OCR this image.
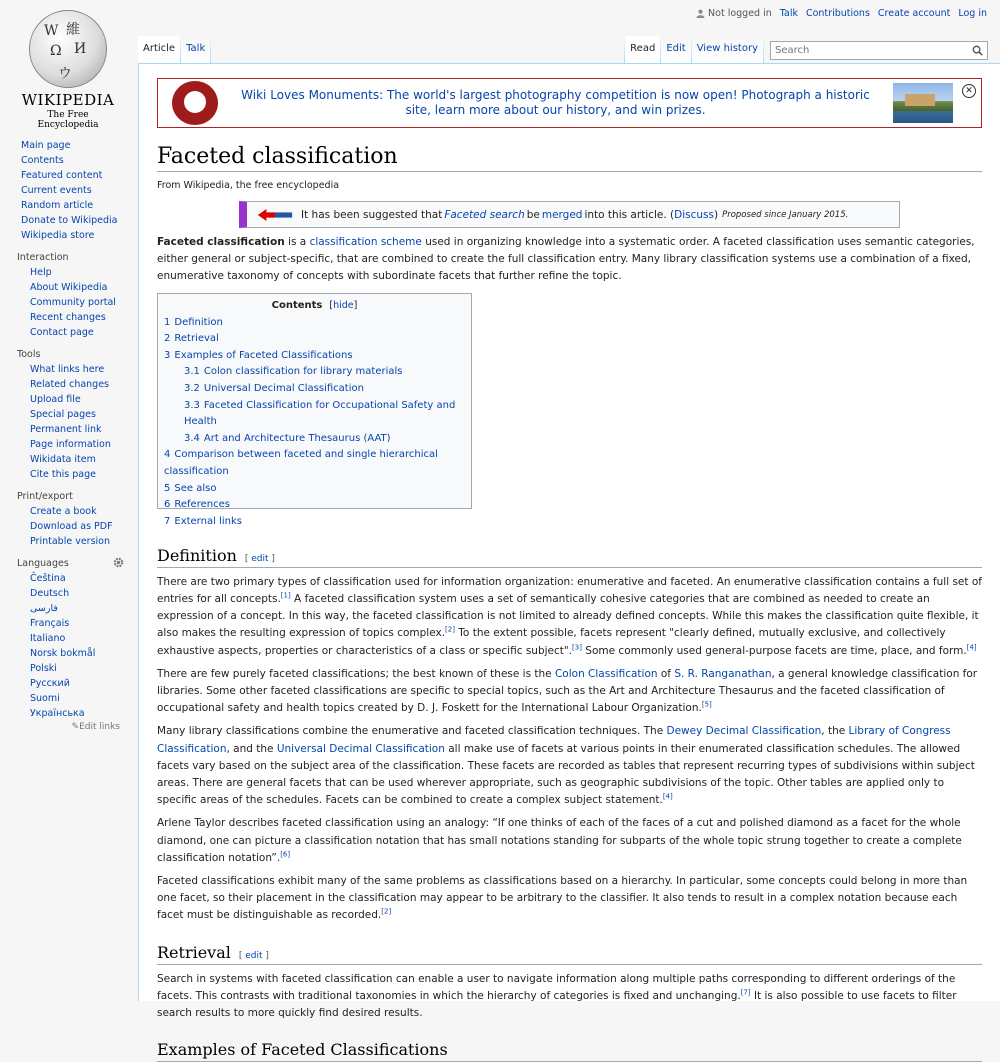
Not logged in Talk Contributions Create account Log in
W 維
Ω И
ウ
WIKIPEDIA
The Free Encyclopedia
Main page
Contents
Featured content
Current events
Random article
Donate to Wikipedia
Wikipedia store
Interaction
Help
About Wikipedia
Community portal
Recent changes
Contact page
Tools
What links here
Related changes
Upload file
Special pages
Permanent link
Page information
Wikidata item
Cite this page
Print/export
Create a book
Download as PDF
Printable version
Languages
Čeština
Deutsch
فارسی
Français
Italiano
Norsk bokmål
Polski
Русский
Suomi
Українська
✎Edit links
Article	Talk	Read	Edit	View history
Search
Wiki Loves Monuments: The world's largest photography competition is now open! Photograph a historic site, learn more about our history, and win prizes.
✕
Faceted classification
From Wikipedia, the free encyclopedia
It has been suggested that Faceted search be merged into this article. ( Discuss ) Proposed since January 2015.

Faceted classification is a classification scheme used in organizing knowledge into a systematic order. A faceted classification uses semantic categories, either general or subject-specific, that are combined to create the full classification entry. Many library classification systems use a combination of a fixed, enumerative taxonomy of concepts with subordinate facets that further refine the topic.

Contents [hide]
1 Definition
2 Retrieval
3 Examples of Faceted Classifications
3.1 Colon classification for library materials
3.2 Universal Decimal Classification
3.3 Faceted Classification for Occupational Safety and Health
3.4 Art and Architecture Thesaurus (AAT)
4 Comparison between faceted and single hierarchical classification
5 See also
6 References
7 External links
Definition [ edit ]

There are two primary types of classification used for information organization: enumerative and faceted. An enumerative classification contains a full set of entries for all concepts.[1] A faceted classification system uses a set of semantically cohesive categories that are combined as needed to create an expression of a concept. In this way, the faceted classification is not limited to already defined concepts. While this makes the classification quite flexible, it also makes the resulting expression of topics complex.[2] To the extent possible, facets represent "clearly defined, mutually exclusive, and collectively exhaustive aspects, properties or characteristics of a class or specific subject".[3] Some commonly used general-purpose facets are time, place, and form.[4]

There are few purely faceted classifications; the best known of these is the Colon Classification of S. R. Ranganathan, a general knowledge classification for libraries. Some other faceted classifications are specific to special topics, such as the Art and Architecture Thesaurus and the faceted classification of occupational safety and health topics created by D. J. Foskett for the International Labour Organization.[5]

Many library classifications combine the enumerative and faceted classification techniques. The Dewey Decimal Classification, the Library of Congress Classification, and the Universal Decimal Classification all make use of facets at various points in their enumerated classification schedules. The allowed facets vary based on the subject area of the classification. These facets are recorded as tables that represent recurring types of subdivisions within subject areas. There are general facets that can be used wherever appropriate, such as geographic subdivisions of the topic. Other tables are applied only to specific areas of the schedules. Facets can be combined to create a complex subject statement.[4]

Arlene Taylor describes faceted classification using an analogy: “If one thinks of each of the faces of a cut and polished diamond as a facet for the whole diamond, one can picture a classification notation that has small notations standing for subparts of the whole topic strung together to create a complete classification notation”.[6]

Faceted classifications exhibit many of the same problems as classifications based on a hierarchy. In particular, some concepts could belong in more than one facet, so their placement in the classification may appear to be arbitrary to the classifier. It also tends to result in a complex notation because each facet must be distinguishable as recorded.[2]

Retrieval [ edit ]

Search in systems with faceted classification can enable a user to navigate information along multiple paths corresponding to different orderings of the facets. This contrasts with traditional taxonomies in which the hierarchy of categories is fixed and unchanging.[7] It is also possible to use facets to filter search results to more quickly find desired results.

Examples of Faceted Classifications
